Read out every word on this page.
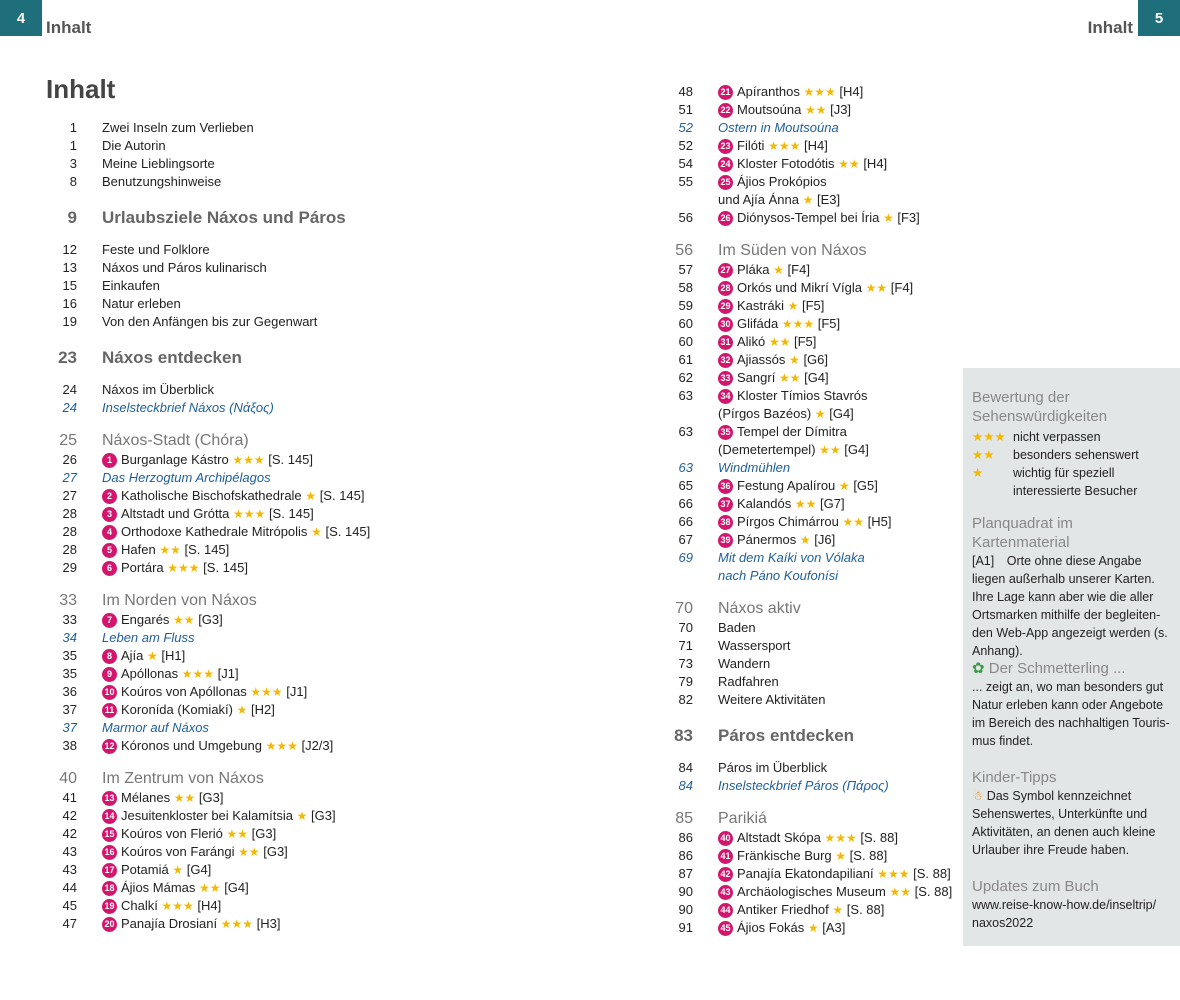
4	Inhalt	Inhalt	5
Inhalt
1 Zwei Inseln zum Verlieben
1 Die Autorin
3 Meine Lieblingsorte
8 Benutzungshinweise
9 Urlaubsziele Náxos und Páros
12 Feste und Folklore
13 Náxos und Páros kulinarisch
15 Einkaufen
16 Natur erleben
19 Von den Anfängen bis zur Gegenwart
23 Náxos entdecken
24 Náxos im Überblick
24 Inselsteckbrief Náxos (Νάξος)
25 Náxos-Stadt (Chóra)
26	1 Burganlage Kástro ★★★ [S. 145]
27 Das Herzogtum Archipélagos
27	2 Katholische Bischofskathedrale ★ [S. 145]
28	3 Altstadt und Grótta ★★★ [S. 145]
28	4 Orthodoxe Kathedrale Mitrópolis ★ [S. 145]
28	5 Hafen ★★ [S. 145]
29	6 Portára ★★★ [S. 145]
33 Im Norden von Náxos
33	7 Engarés ★★ [G3]
34 Leben am Fluss
35	8 Ajía ★ [H1]
35	9 Apóllonas ★★★ [J1]
36	10 Koúros von Apóllonas ★★★ [J1]
37	11 Koronída (Komiakí) ★ [H2]
37 Marmor auf Náxos
38	12 Kóronos und Umgebung ★★★ [J2/3]
40 Im Zentrum von Náxos
41	13 Mélanes ★★ [G3]
42	14 Jesuitenkloster bei Kalamítsia ★ [G3]
42	15 Koúros von Flerió ★★ [G3]
43	16 Koúros von Farángi ★★ [G3]
43	17 Potamiá ★ [G4]
44	18 Ájios Mámas ★★ [G4]
45	19 Chalkí ★★★ [H4]
47	20 Panajía Drosianí ★★★ [H3]
48	21 Apíranthos ★★★ [H4]
51	22 Moutsoúna ★★ [J3]
52 Ostern in Moutsoúna
52	23 Filóti ★★★ [H4]
54	24 Kloster Fotodótis ★★ [H4]
55	25 Ájios Prokópios
und Ajía Ánna ★ [E3]
56	26 Diónysos-Tempel bei Íria ★ [F3]
56 Im Süden von Náxos
57	27 Pláka ★ [F4]
58	28 Orkós und Mikrí Vígla ★★ [F4]
59	29 Kastráki ★ [F5]
60	30 Glifáda ★★★ [F5]
60	31 Alikó ★★ [F5]
61	32 Ajiassós ★ [G6]
62	33 Sangrí ★★ [G4]
63	34 Kloster Tímios Stavrós
(Pírgos Bazéos) ★ [G4]
63	35 Tempel der Dímitra
(Demetertempel) ★★ [G4]
63 Windmühlen
65	36 Festung Apalírou ★ [G5]
66	37 Kalandós ★★ [G7]
66	38 Pírgos Chimárrou ★★ [H5]
67	39 Pánermos ★ [J6]
69 Mit dem Kaíki von Vólaka
nach Páno Koufonísi
70 Náxos aktiv
70 Baden
71 Wassersport
73 Wandern
79 Radfahren
82 Weitere Aktivitäten
83 Páros entdecken
84 Páros im Überblick
84 Inselsteckbrief Páros (Πάρος)
85 Parikiá
86	40 Altstadt Skópa ★★★ [S. 88]
86	41 Fränkische Burg ★ [S. 88]
87	42 Panajía Ekatondapilianí ★★★ [S. 88]
90	43 Archäologisches Museum ★★ [S. 88]
90	44 Antiker Friedhof ★ [S. 88]
91	45 Ájios Fokás ★ [A3]
Bewertung der Sehenswürdigkeiten
★★★ nicht verpassen
★★ besonders sehenswert
★ wichtig für speziell
interessierte Besucher
Planquadrat im Kartenmaterial
[A1] Orte ohne diese Angabe liegen außerhalb unserer Karten. Ihre Lage kann aber wie die aller Ortsmarken mithilfe der begleiten-den Web-App angezeigt werden (s. Anhang).
✿ Der Schmetterling ...
... zeigt an, wo man besonders gut Natur erleben kann oder Angebote im Bereich des nachhaltigen Touris-mus findet.
Kinder-Tipps
☃ Das Symbol kennzeichnet Sehenswertes, Unterkünfte und Aktivitäten, an denen auch kleine Urlauber ihre Freude haben.
Updates zum Buch
www.reise-know-how.de/inseltrip/ naxos2022
